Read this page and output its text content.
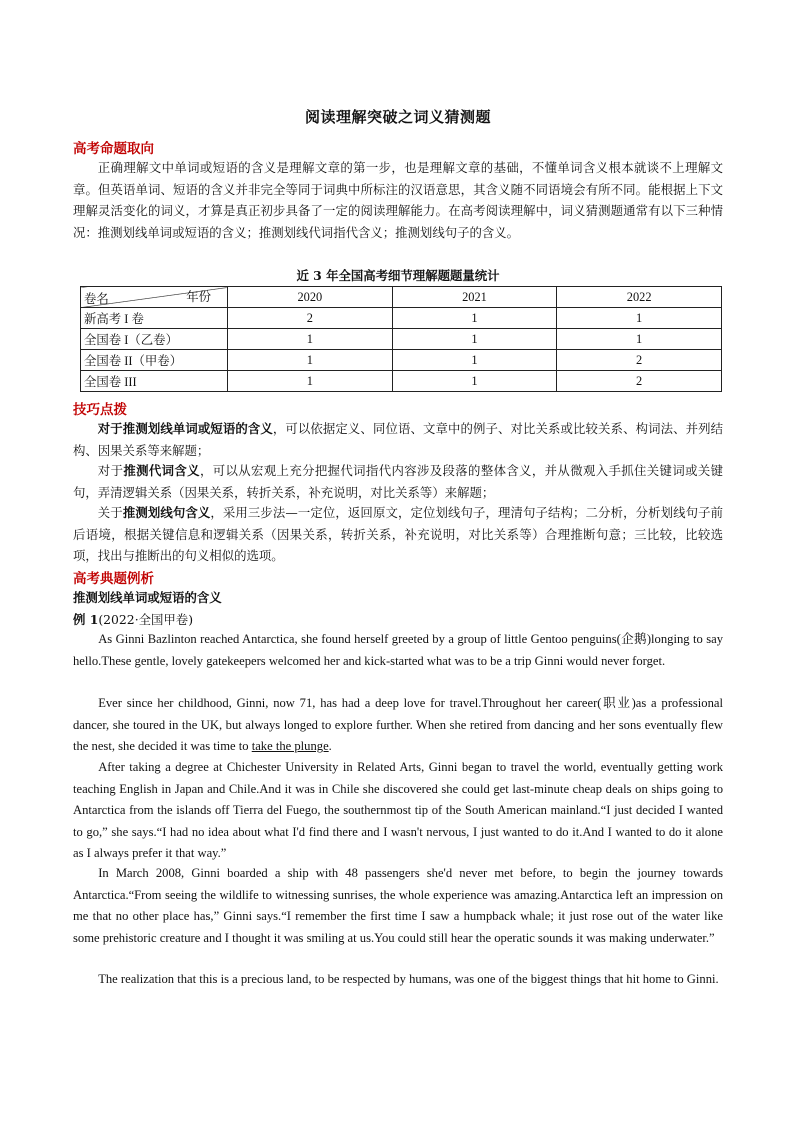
阅读理解突破之词义猜测题
高考命题取向

正确理解文中单词或短语的含义是理解文章的第一步，也是理解文章的基础，不懂单词含义根本就谈不上理解文章。但英语单词、短语的含义并非完全等同于词典中所标注的汉语意思，其含义随不同语境会有所不同。能根据上下文理解灵活变化的词义，才算是真正初步具备了一定的阅读理解能力。在高考阅读理解中，词义猜测题通常有以下三种情况：推测划线单词或短语的含义；推测划线代词指代含义；推测划线句子的含义。

近 3 年全国高考细节理解题题量统计
卷名 年份	2020	2021	2022
新高考 I 卷	2	1	1
全国卷 I（乙卷）	1	1	1
全国卷 II（甲卷）	1	1	2
全国卷 III	1	1	2
技巧点拨

对于推测划线单词或短语的含义，可以依据定义、同位语、文章中的例子、对比关系或比较关系、构词法、并列结构、因果关系等来解题；

对于推测代词含义，可以从宏观上充分把握代词指代内容涉及段落的整体含义，并从微观入手抓住关键词或关键句，弄清逻辑关系（因果关系，转折关系，补充说明，对比关系等）来解题；

关于推测划线句含义，采用三步法—一定位，返回原文，定位划线句子，理清句子结构；二分析，分析划线句子前后语境，根据关键信息和逻辑关系（因果关系，转折关系，补充说明，对比关系等）合理推断句意；三比较，比较选项，找出与推断出的句义相似的选项。

高考典题例析
推测划线单词或短语的含义
例 1(2022·全国甲卷)

As Ginni Bazlinton reached Antarctica, she found herself greeted by a group of little Gentoo penguins(企鹅)longing to say hello.These gentle, lovely gatekeepers welcomed her and kick-started what was to be a trip Ginni would never forget.

Ever since her childhood, Ginni, now 71, has had a deep love for travel.Throughout her career(职业)as a professional dancer, she toured in the UK, but always longed to explore further. When she retired from dancing and her sons eventually flew the nest, she decided it was time to take the plunge.

After taking a degree at Chichester University in Related Arts, Ginni began to travel the world, eventually getting work teaching English in Japan and Chile.And it was in Chile she discovered she could get last-minute cheap deals on ships going to Antarctica from the islands off Tierra del Fuego, the southernmost tip of the South American mainland.“I just decided I wanted to go,” she says.“I had no idea about what I'd find there and I wasn't nervous, I just wanted to do it.And I wanted to do it alone as I always prefer it that way.”

In March 2008, Ginni boarded a ship with 48 passengers she'd never met before, to begin the journey towards Antarctica.“From seeing the wildlife to witnessing sunrises, the whole experience was amazing.Antarctica left an impression on me that no other place has,” Ginni says.“I remember the first time I saw a humpback whale; it just rose out of the water like some prehistoric creature and I thought it was smiling at us.You could still hear the operatic sounds it was making underwater.”

The realization that this is a precious land, to be respected by humans, was one of the biggest things that hit home to Ginni.
